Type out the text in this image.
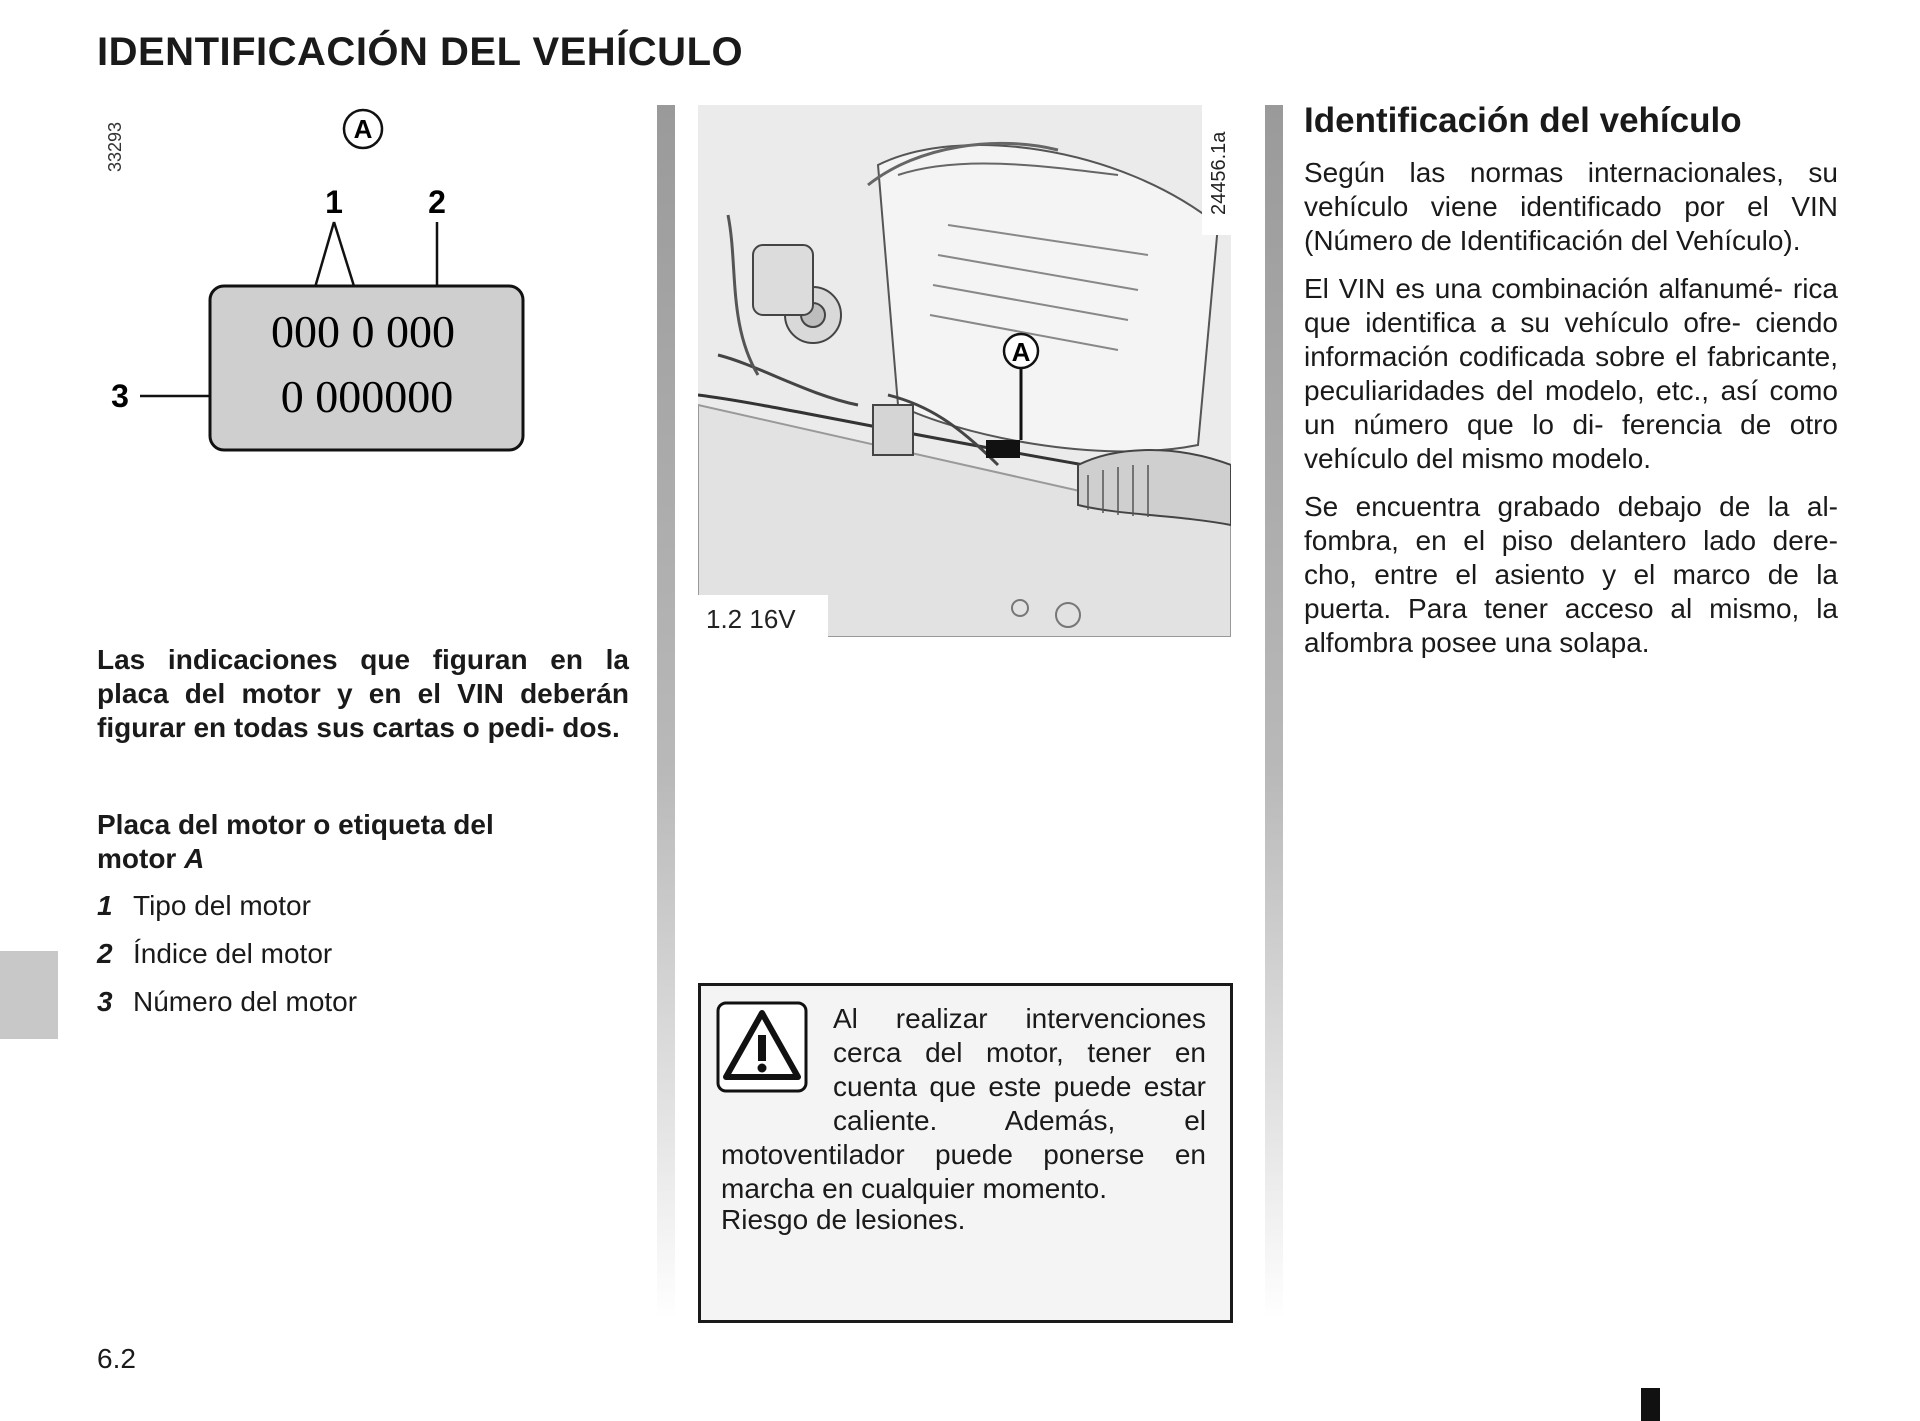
IDENTIFICACIÓN DEL VEHÍCULO
33293	A
1	2
3
000 0 000
0 000000

Las indicaciones que figuran en la placa del motor y en el VIN deberán figurar en todas sus cartas o pedi- dos.

Placa del motor o etiqueta del motor A

1 Tipo del motor
2 Índice del motor
3 Número del motor
A
1.2 16V
24456.1a

Al realizar intervenciones cerca del motor, tener en cuenta que este puede estar caliente. Además, el motoventilador puede ponerse en marcha en cualquier momento.

Riesgo de lesiones.

Identificación del vehículo

Según las normas internacionales, su vehículo viene identificado por el VIN (Número de Identificación del Vehículo).

El VIN es una combinación alfanumé- rica que identifica a su vehículo ofre- ciendo información codificada sobre el fabricante, peculiaridades del modelo, etc., así como un número que lo di- ferencia de otro vehículo del mismo modelo.

Se encuentra grabado debajo de la al- fombra, en el piso delantero lado dere- cho, entre el asiento y el marco de la puerta. Para tener acceso al mismo, la alfombra posee una solapa.

6.2
